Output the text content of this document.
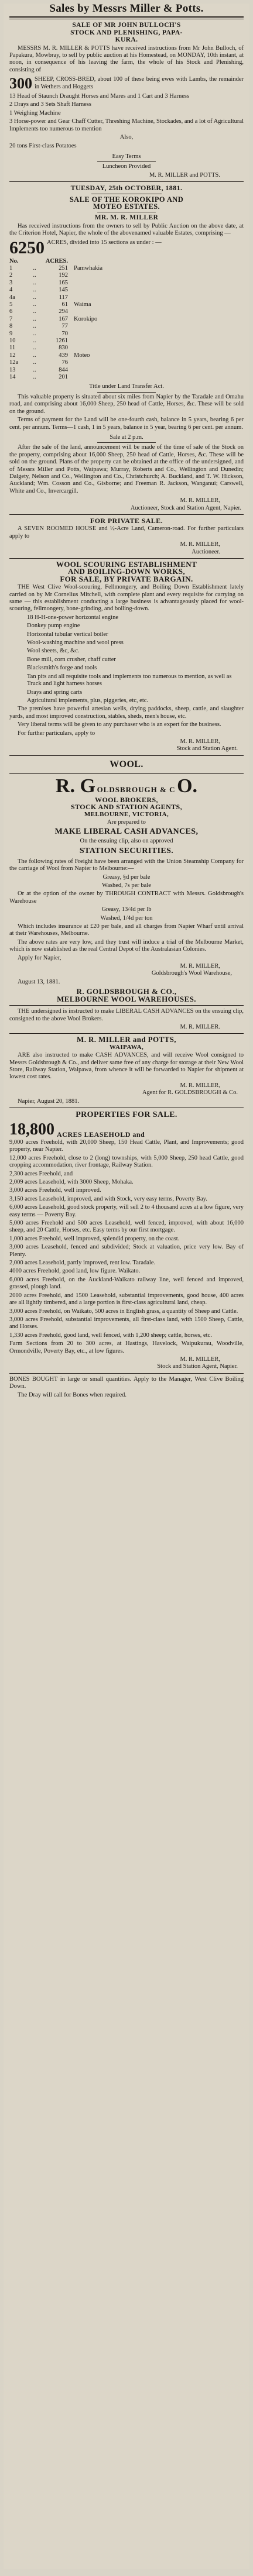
Sales by Messrs Miller & Potts.
SALE OF MR JOHN BULLOCH'S
STOCK AND PLENISHING, PAPA-
KURA.

MESSRS M. R. MILLER & POTTS have received instructions from Mr John Bulloch, of Papakura, Mowbray, to sell by public auction at his Homestead, on MONDAY, 10th instant, at noon, in consequence of his leaving the farm, the whole of his Stock and Plenishing, consisting of

300 SHEEP, CROSS-BRED, about 100 of these being ewes with Lambs, the remainder in Wethers and Hoggets

13 Head of Staunch Draught Horses and Mares and 1 Cart and 3 Harness

2 Drays and 3 Sets Shaft Harness

1 Weighing Machine

3 Horse-power and Gear Chaff Cutter, Threshing Machine, Stockades, and a lot of Agricultural Implements too numerous to mention

Also,

20 tons First-class Potatoes

Easy Terms

Luncheon Provided

M. R. MILLER and POTTS.
TUESDAY, 25th OCTOBER, 1881.
SALE OF THE KOROKIPO AND
MOTEO ESTATES.
MR. M. R. MILLER

Has received instructions from the owners to sell by Public Auction on the above date, at the Criterion Hotel, Napier, the whole of the abovenamed valuable Estates, comprising —

6250 ACRES, divided into 15 sections as under : —

No.	ACRES.
1	..	251 Pamwhakia
2	..	192
3	..	165
4	..	145
4a	..	117
5	..	61 Waima
6	..	294
7	..	167 Korokipo
8	..	77
9	..	70
10	..	1261
11	..	830
12	..	439 Moteo
12a	..	76
13	..	844
14	..	201

Title under Land Transfer Act.

This valuable property is situated about six miles from Napier by the Taradale and Omahu road, and comprising about 16,000 Sheep, 250 head of Cattle, Horses, &c. These will be sold on the ground.

Terms of payment for the Land will be one-fourth cash, balance in 5 years, bearing 6 per cent. per annum. Terms—1 cash, 1 in 5 years, balance in 5 year, bearing 6 per cent. per annum.

Sale at 2 p.m.

After the sale of the land, announcement will be made of the time of sale of the Stock on the property, comprising about 16,000 Sheep, 250 head of Cattle, Horses, &c. These will be sold on the ground. Plans of the property can be obtained at the office of the undersigned, and of Messrs Miller and Potts, Waipawa; Murray, Roberts and Co., Wellington and Dunedin; Dalgety, Nelson and Co., Wellington and Co., Christchurch; A. Buckland, and T. W. Hickson, Auckland; Wm. Cosson and Co., Gisborne; and Freeman R. Jackson, Wanganui; Carswell, White and Co., Invercargill.

M. R. MILLER,
Auctioneer, Stock and Station Agent, Napier.
FOR PRIVATE SALE.

A SEVEN ROOMED HOUSE and ½-Acre Land, Cameron-road. For further particulars apply to

M. R. MILLER,
Auctioneer.
WOOL SCOURING ESTABLISHMENT
AND BOILING-DOWN WORKS,
FOR SALE, BY PRIVATE BARGAIN.

THE West Clive Wool-scouring, Fellmongery, and Boiling Down Establishment lately carried on by Mr Cornelius Mitchell, with complete plant and every requisite for carrying on same — this establishment conducting a large business is advantageously placed for wool-scouring, fellmongery, bone-grinding, and boiling-down.

18 H-H-one-power horizontal engine

Donkey pump engine

Horizontal tubular vertical boiler

Wool-washing machine and wool press

Wool sheets, &c, &c.

Bone mill, corn crusher, chaff cutter

Blacksmith's forge and tools

Tan pits and all requisite tools and implements too numerous to mention, as well as Truck and light harness horses

Drays and spring carts

Agricultural implements, plus, piggeries, etc, etc.

The premises have powerful artesian wells, drying paddocks, sheep, cattle, and slaughter yards, and most improved construction, stables, sheds, men's house, etc.

Very liberal terms will be given to any purchaser who is an expert for the business.

For further particulars, apply to

M. R. MILLER,
Stock and Station Agent.
WOOL.
R. G OLDSBROUGH & C O.
WOOL BROKERS,
STOCK AND STATION AGENTS,
MELBOURNE, VICTORIA,

Are prepared to

MAKE LIBERAL CASH ADVANCES,

On the ensuing clip, also on approved

STATION SECURITIES.

The following rates of Freight have been arranged with the Union Steamship Company for the carriage of Wool from Napier to Melbourne:—

Greasy, §d per bale

Washed, 7s per bale

Or at the option of the owner by THROUGH CONTRACT with Messrs. Goldsbrough's Warehouse

Greasy, 13/4d per lb

Washed, 1/4d per ton

Which includes insurance at £20 per bale, and all charges from Napier Wharf until arrival at their Warehouses, Melbourne.

The above rates are very low, and they trust will induce a trial of the Melbourne Market, which is now established as the real Central Depot of the Australasian Colonies.

Apply for Napier,

M. R. MILLER,
Goldsbrough's Wool Warehouse,

August 13, 1881.

R. GOLDSBROUGH & CO.,
MELBOURNE WOOL WAREHOUSES.

THE undersigned is instructed to make LIBERAL CASH ADVANCES on the ensuing clip, consigned to the above Wool Brokers.

M. R. MILLER.
M. R. MILLER and POTTS,
WAIPAWA,

ARE also instructed to make CASH ADVANCES, and will receive Wool consigned to Messrs Goldsbrough & Co., and deliver same free of any charge for storage at their New Wool Store, Railway Station, Waipawa, from whence it will be forwarded to Napier for shipment at lowest cost rates.

M. R. MILLER,
Agent for R. GOLDSBROUGH & Co.

Napier, August 20, 1881.

PROPERTIES FOR SALE.
18,800 ACRES LEASEHOLD and

9,000 acres Freehold, with 20,000 Sheep, 150 Head Cattle, Plant, and Improvements; good property, near Napier.

12,000 acres Freehold, close to 2 (long) townships, with 5,000 Sheep, 250 head Cattle, good cropping accommodation, river frontage, Railway Station.

2,300 acres Freehold, and

2,009 acres Leasehold, with 3000 Sheep, Mohaka.

3,000 acres Freehold, well improved.

3,150 acres Leasehold, improved, and with Stock, very easy terms, Poverty Bay.

6,000 acres Leasehold, good stock property, will sell 2 to 4 thousand acres at a low figure, very easy terms — Poverty Bay.

5,000 acres Freehold and 500 acres Leasehold, well fenced, improved, with about 16,000 sheep, and 20 Cattle, Horses, etc. Easy terms by our first mortgage.

1,000 acres Freehold, well improved, splendid property, on the coast.

3,000 acres Leasehold, fenced and subdivided; Stock at valuation, price very low. Bay of Plenty.

2,000 acres Leasehold, partly improved, rent low. Taradale.

4000 acres Freehold, good land, low figure. Waikato.

6,000 acres Freehold, on the Auckland-Waikato railway line, well fenced and improved, grassed, plough land.

2000 acres Freehold, and 1500 Leasehold, substantial improvements, good house, 400 acres are all lightly timbered, and a large portion is first-class agricultural land, cheap.

3,000 acres Freehold, on Waikato, 500 acres in English grass, a quantity of Sheep and Cattle.

3,000 acres Freehold, substantial improvements, all first-class land, with 1500 Sheep, Cattle, and Horses.

1,330 acres Freehold, good land, well fenced, with 1,200 sheep; cattle, horses, etc.

Farm Sections from 20 to 300 acres, at Hastings, Havelock, Waipukurau, Woodville, Ormondville, Poverty Bay, etc., at low figures.

M. R. MILLER,
Stock and Station Agent, Napier.

BONES BOUGHT in large or small quantities. Apply to the Manager, West Clive Boiling Down.

The Dray will call for Bones when required.
